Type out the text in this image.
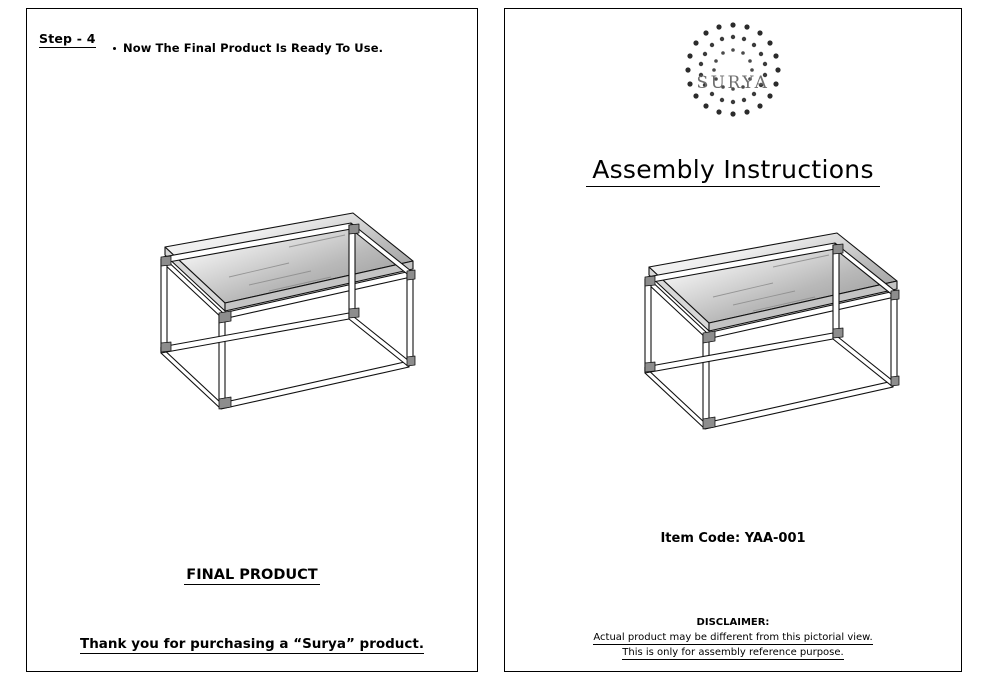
Step - 4
Now The Final Product Is Ready To Use.
FINAL PRODUCT
Thank you for purchasing a “Surya” product.
SURYA
Assembly Instructions
Item Code: YAA-001
DISCLAIMER:
Actual product may be different from this pictorial view.
This is only for assembly reference purpose.
